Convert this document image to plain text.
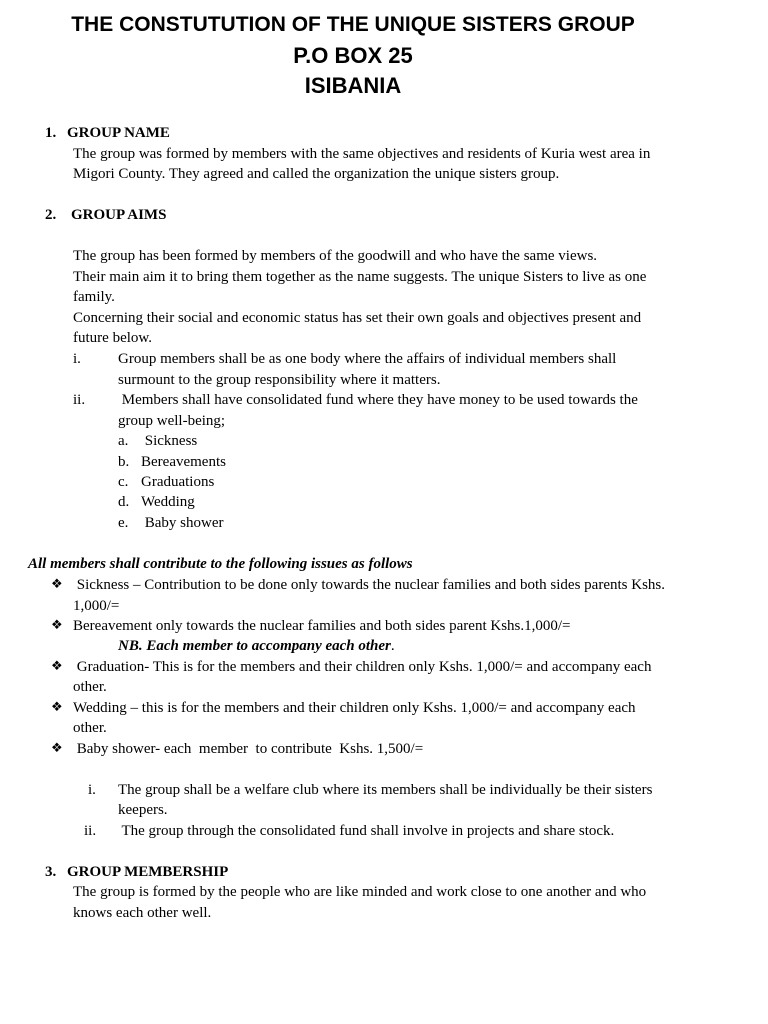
THE CONSTUTUTION OF THE UNIQUE SISTERS GROUP
P.O BOX 25
ISIBANIA
1. GROUP NAME
The group was formed by members with the same objectives and residents of Kuria west area in
Migori County. They agreed and called the organization the unique sisters group.
2. GROUP AIMS
The group has been formed by members of the goodwill and who have the same views.
Their main aim it to bring them together as the name suggests. The unique Sisters to live as one
family.
Concerning their social and economic status has set their own goals and objectives present and
future below.
i. Group members shall be as one body where the affairs of individual members shall
surmount to the group responsibility where it matters.
ii. Members shall have consolidated fund where they have money to be used towards the
group well-being;
a. Sickness
b. Bereavements
c. Graduations
d. Wedding
e. Baby shower
All members shall contribute to the following issues as follows
❖ Sickness – Contribution to be done only towards the nuclear families and both sides parents Kshs.
1,000/=
❖ Bereavement only towards the nuclear families and both sides parent Kshs.1,000/=
NB. Each member to accompany each other.
❖ Graduation- This is for the members and their children only Kshs. 1,000/= and accompany each
other.
❖ Wedding – this is for the members and their children only Kshs. 1,000/= and accompany each
other.
❖ Baby shower- each  member  to contribute  Kshs. 1,500/=
i. The group shall be a welfare club where its members shall be individually be their sisters
keepers.
ii. The group through the consolidated fund shall involve in projects and share stock.
3. GROUP MEMBERSHIP
The group is formed by the people who are like minded and work close to one another and who
knows each other well.
